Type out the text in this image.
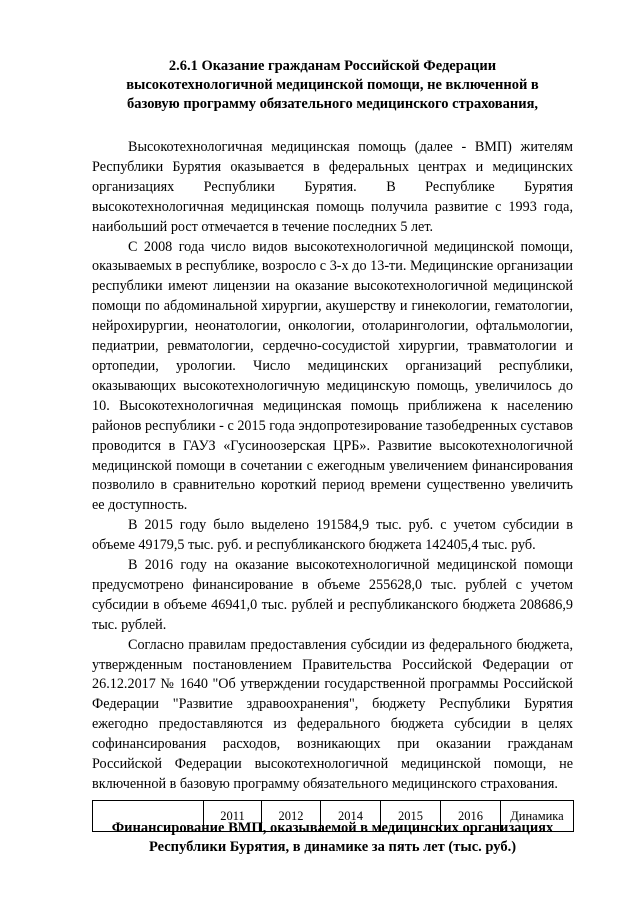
2.6.1 Оказание гражданам Российской Федерации
высокотехнологичной медицинской помощи, не включенной в
базовую программу обязательного медицинского страхования,

Высокотехнологичная медицинская помощь (далее - ВМП) жителям Республики Бурятия оказывается в федеральных центрах и медицинских организациях Республики Бурятия. В Республике Бурятия высокотехнологичная медицинская помощь получила развитие с 1993 года, наибольший рост отмечается в течение последних 5 лет.

С 2008 года число видов высокотехнологичной медицинской помощи, оказываемых в республике, возросло с 3-х до 13-ти. Медицинские организации республики имеют лицензии на оказание высокотехнологичной медицинской помощи по абдоминальной хирургии, акушерству и гинекологии, гематологии, нейрохирургии, неонатологии, онкологии, отоларингологии, офтальмологии, педиатрии, ревматологии, сердечно-сосудистой хирургии, травматологии и ортопедии, урологии. Число медицинских организаций республики, оказывающих высокотехнологичную медицинскую помощь, увеличилось до 10. Высокотехнологичная медицинская помощь приближена к населению районов республики - с 2015 года эндопротезирование тазобедренных суставов проводится в ГАУЗ «Гусиноозерская ЦРБ». Развитие высокотехнологичной медицинской помощи в сочетании с ежегодным увеличением финансирования позволило в сравнительно короткий период времени существенно увеличить ее доступность.

В 2015 году было выделено 191584,9 тыс. руб. с учетом субсидии в объеме 49179,5 тыс. руб. и республиканского бюджета 142405,4 тыс. руб.

В 2016 году на оказание высокотехнологичной медицинской помощи предусмотрено финансирование в объеме 255628,0 тыс. рублей с учетом субсидии в объеме 46941,0 тыс. рублей и республиканского бюджета 208686,9 тыс. рублей.

Согласно правилам предоставления субсидии из федерального бюджета, утвержденным постановлением Правительства Российской Федерации от 26.12.2017 № 1640 "Об утверждении государственной программы Российской Федерации "Развитие здравоохранения", бюджету Республики Бурятия ежегодно предоставляются из федерального бюджета субсидии в целях софинансирования расходов, возникающих при оказании гражданам Российской Федерации высокотехнологичной медицинской помощи, не включенной в базовую программу обязательного медицинского страхования.

Финансирование ВМП, оказываемой в медицинских организациях
Республики Бурятия, в динамике за пять лет (тыс. руб.)
	2011	2012	2014	2015	2016	Динамика
